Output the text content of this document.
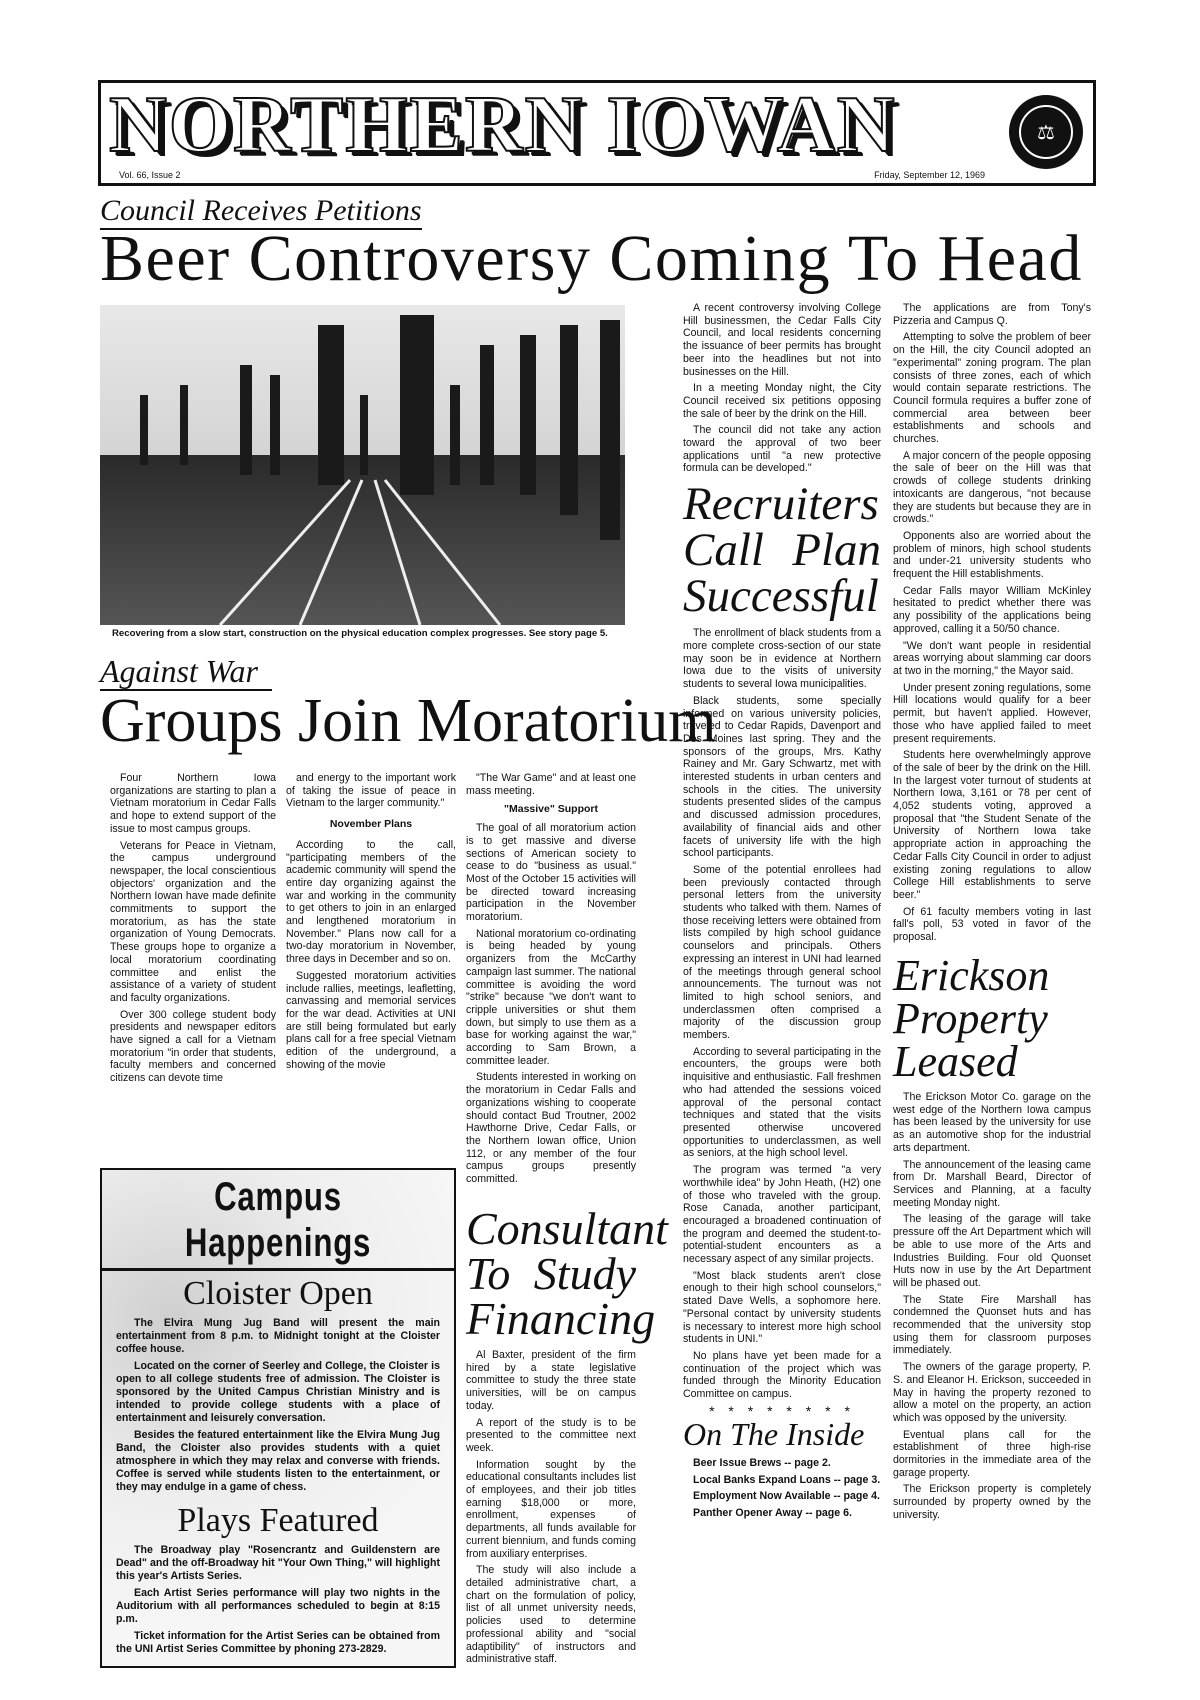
NORTHERN IOWAN	⚖
Vol. 66, Issue 2	Friday, September 12, 1969
Council Receives Petitions
Beer Controversy Coming To Head
Recovering from a slow start, construction on the physical education complex progresses. See story page 5.
Against War
Groups Join Moratorium

Four Northern Iowa organizations are starting to plan a Vietnam moratorium in Cedar Falls and hope to extend support of the issue to most campus groups.

Veterans for Peace in Vietnam, the campus underground newspaper, the local conscientious objectors' organization and the Northern Iowan have made definite commitments to support the moratorium, as has the state organization of Young Democrats. These groups hope to organize a local moratorium coordinating committee and enlist the assistance of a variety of student and faculty organizations.

Over 300 college student body presidents and newspaper editors have signed a call for a Vietnam moratorium "in order that students, faculty members and concerned citizens can devote time

and energy to the important work of taking the issue of peace in Vietnam to the larger community."

November Plans

According to the call, "participating members of the academic community will spend the entire day organizing against the war and working in the community to get others to join in an enlarged and lengthened moratorium in November." Plans now call for a two-day moratorium in November, three days in December and so on.

Suggested moratorium activities include rallies, meetings, leafletting, canvassing and memorial services for the war dead. Activities at UNI are still being formulated but early plans call for a free special Vietnam edition of the underground, a showing of the movie

"The War Game" and at least one mass meeting.

"Massive" Support

The goal of all moratorium action is to get massive and diverse sections of American society to cease to do "business as usual." Most of the October 15 activities will be directed toward increasing participation in the November moratorium.

National moratorium co-ordinating is being headed by young organizers from the McCarthy campaign last summer. The national committee is avoiding the word "strike" because "we don't want to cripple universities or shut them down, but simply to use them as a base for working against the war," according to Sam Brown, a committee leader.

Students interested in working on the moratorium in Cedar Falls and organizations wishing to cooperate should contact Bud Troutner, 2002 Hawthorne Drive, Cedar Falls, or the Northern Iowan office, Union 112, or any member of the four campus groups presently committed.

Consultant To Study Financing

Al Baxter, president of the firm hired by a state legislative committee to study the three state universities, will be on campus today.

A report of the study is to be presented to the committee next week.

Information sought by the educational consultants includes list of employees, and their job titles earning $18,000 or more, enrollment, expenses of departments, all funds available for current biennium, and funds coming from auxiliary enterprises.

The study will also include a detailed administrative chart, a chart on the formulation of policy, list of all unmet university needs, policies used to determine professional ability and "social adaptibility" of instructors and administrative staff.

Campus Happenings
Cloister Open

The Elvira Mung Jug Band will present the main entertainment from 8 p.m. to Midnight tonight at the Cloister coffee house.

Located on the corner of Seerley and College, the Cloister is open to all college students free of admission. The Cloister is sponsored by the United Campus Christian Ministry and is intended to provide college students with a place of entertainment and leisurely conversation.

Besides the featured entertainment like the Elvira Mung Jug Band, the Cloister also provides students with a quiet atmosphere in which they may relax and converse with friends. Coffee is served while students listen to the entertainment, or they may endulge in a game of chess.

Plays Featured

The Broadway play "Rosencrantz and Guildenstern are Dead" and the off-Broadway hit "Your Own Thing," will highlight this year's Artists Series.

Each Artist Series performance will play two nights in the Auditorium with all performances scheduled to begin at 8:15 p.m.

Ticket information for the Artist Series can be obtained from the UNI Artist Series Committee by phoning 273-2829.

A recent controversy involving College Hill businessmen, the Cedar Falls City Council, and local residents concerning the issuance of beer permits has brought beer into the headlines but not into businesses on the Hill.

In a meeting Monday night, the City Council received six petitions opposing the sale of beer by the drink on the Hill.

The council did not take any action toward the approval of two beer applications until "a new protective formula can be developed."

Recruiters Call Plan Successful

The enrollment of black students from a more complete cross-section of our state may soon be in evidence at Northern Iowa due to the visits of university students to several Iowa municipalities.

Black students, some specially informed on various university policies, traveled to Cedar Rapids, Davenport and Des Moines last spring. They and the sponsors of the groups, Mrs. Kathy Rainey and Mr. Gary Schwartz, met with interested students in urban centers and schools in the cities. The university students presented slides of the campus and discussed admission procedures, availability of financial aids and other facets of university life with the high school participants.

Some of the potential enrollees had been previously contacted through personal letters from the university students who talked with them. Names of those receiving letters were obtained from lists compiled by high school guidance counselors and principals. Others expressing an interest in UNI had learned of the meetings through general school announcements. The turnout was not limited to high school seniors, and underclassmen often comprised a majority of the discussion group members.

According to several participating in the encounters, the groups were both inquisitive and enthusiastic. Fall freshmen who had attended the sessions voiced approval of the personal contact techniques and stated that the visits presented otherwise uncovered opportunities to underclassmen, as well as seniors, at the high school level.

The program was termed "a very worthwhile idea" by John Heath, (H2) one of those who traveled with the group. Rose Canada, another participant, encouraged a broadened continuation of the program and deemed the student-to-potential-student encounters as a necessary aspect of any similar projects.

"Most black students aren't close enough to their high school counselors," stated Dave Wells, a sophomore here. "Personal contact by university students is necessary to interest more high school students in UNI."

No plans have yet been made for a continuation of the project which was funded through the Minority Education Committee on campus.

* * * * * * * *
On The Inside

Beer Issue Brews -- page 2.

Local Banks Expand Loans -- page 3.

Employment Now Available -- page 4.

Panther Opener Away -- page 6.

The applications are from Tony's Pizzeria and Campus Q.

Attempting to solve the problem of beer on the Hill, the city Council adopted an "experimental" zoning program. The plan consists of three zones, each of which would contain separate restrictions. The Council formula requires a buffer zone of commercial area between beer establishments and schools and churches.

A major concern of the people opposing the sale of beer on the Hill was that crowds of college students drinking intoxicants are dangerous, "not because they are students but because they are in crowds."

Opponents also are worried about the problem of minors, high school students and under-21 university students who frequent the Hill establishments.

Cedar Falls mayor William McKinley hesitated to predict whether there was any possibility of the applications being approved, calling it a 50/50 chance.

"We don't want people in residential areas worrying about slamming car doors at two in the morning," the Mayor said.

Under present zoning regulations, some Hill locations would qualify for a beer permit, but haven't applied. However, those who have applied failed to meet present requirements.

Students here overwhelmingly approve of the sale of beer by the drink on the Hill. In the largest voter turnout of students at Northern Iowa, 3,161 or 78 per cent of 4,052 students voting, approved a proposal that "the Student Senate of the University of Northern Iowa take appropriate action in approaching the Cedar Falls City Council in order to adjust existing zoning regulations to allow College Hill establishments to serve beer."

Of 61 faculty members voting in last fall's poll, 53 voted in favor of the proposal.

Erickson Property Leased

The Erickson Motor Co. garage on the west edge of the Northern Iowa campus has been leased by the university for use as an automotive shop for the industrial arts department.

The announcement of the leasing came from Dr. Marshall Beard, Director of Services and Planning, at a faculty meeting Monday night.

The leasing of the garage will take pressure off the Art Department which will be able to use more of the Arts and Industries Building. Four old Quonset Huts now in use by the Art Department will be phased out.

The State Fire Marshall has condemned the Quonset huts and has recommended that the university stop using them for classroom purposes immediately.

The owners of the garage property, P. S. and Eleanor H. Erickson, succeeded in May in having the property rezoned to allow a motel on the property, an action which was opposed by the university.

Eventual plans call for the establishment of three high-rise dormitories in the immediate area of the garage property.

The Erickson property is completely surrounded by property owned by the university.
